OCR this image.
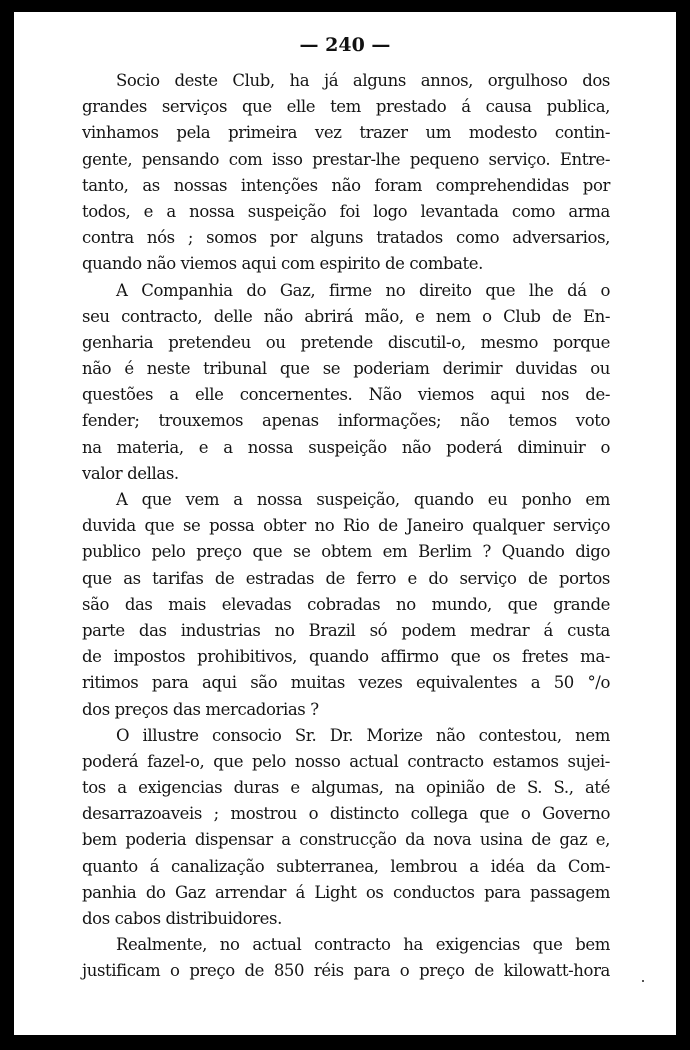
— 240 —

Socio deste Club, ha já alguns annos, orgulhoso dos
grandes serviços que elle tem prestado á causa publica,
vinhamos pela primeira vez trazer um modesto contin-
gente, pensando com isso prestar-lhe pequeno serviço. Entre-
tanto, as nossas intenções não foram comprehendidas por
todos, e a nossa suspeição foi logo levantada como arma
contra nós ; somos por alguns tratados como adversarios,
quando não viemos aqui com espirito de combate.
A Companhia do Gaz, firme no direito que lhe dá o
seu contracto, delle não abrirá mão, e nem o Club de En-
genharia pretendeu ou pretende discutil-o, mesmo porque
não é neste tribunal que se poderiam derimir duvidas ou
questões a elle concernentes. Não viemos aqui nos de-
fender; trouxemos apenas informações; não temos voto
na materia, e a nossa suspeição não poderá diminuir o
valor dellas.
A que vem a nossa suspeição, quando eu ponho em
duvida que se possa obter no Rio de Janeiro qualquer serviço
publico pelo preço que se obtem em Berlim ? Quando digo
que as tarifas de estradas de ferro e do serviço de portos
são das mais elevadas cobradas no mundo, que grande
parte das industrias no Brazil só podem medrar á custa
de impostos prohibitivos, quando affirmo que os fretes ma-
ritimos para aqui são muitas vezes equivalentes a 50 °/o
dos preços das mercadorias ?
O illustre consocio Sr. Dr. Morize não contestou, nem
poderá fazel-o, que pelo nosso actual contracto estamos sujei-
tos a exigencias duras e algumas, na opinião de S. S., até
desarrazoaveis ; mostrou o distincto collega que o Governo
bem poderia dispensar a construcção da nova usina de gaz e,
quanto á canalização subterranea, lembrou a idéa da Com-
panhia do Gaz arrendar á Light os conductos para passagem
dos cabos distribuidores.
Realmente, no actual contracto ha exigencias que bem
justificam o preço de 850 réis para o preço de kilowatt-hora
